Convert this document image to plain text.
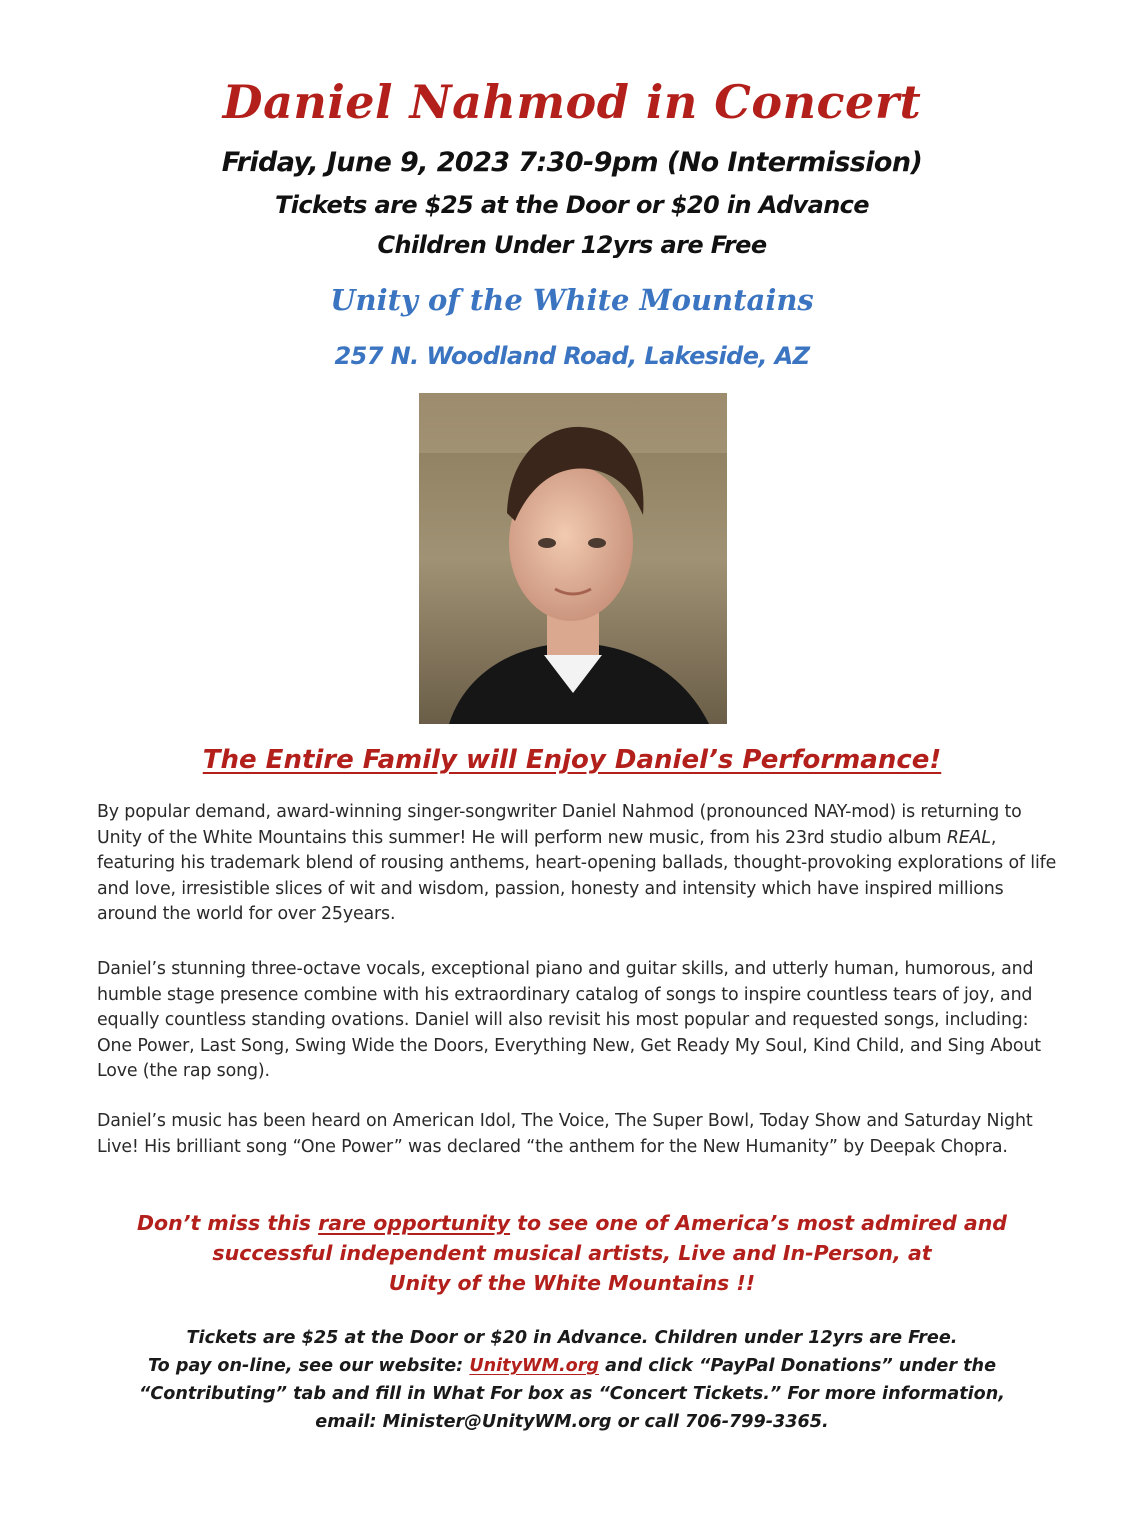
Daniel Nahmod in Concert
Friday, June 9, 2023 7:30-9pm (No Intermission)
Tickets are $25 at the Door or $20 in Advance
Children Under 12yrs are Free
Unity of the White Mountains
257 N. Woodland Road, Lakeside, AZ
The Entire Family will Enjoy Daniel’s Performance!

By popular demand, award-winning singer-songwriter Daniel Nahmod (pronounced NAY-mod) is returning to Unity of the White Mountains this summer! He will perform new music, from his 23rd studio album REAL, featuring his trademark blend of rousing anthems, heart-opening ballads, thought-provoking explorations of life and love, irresistible slices of wit and wisdom, passion, honesty and intensity which have inspired millions around the world for over 25years.

Daniel’s stunning three-octave vocals, exceptional piano and guitar skills, and utterly human, humorous, and humble stage presence combine with his extraordinary catalog of songs to inspire countless tears of joy, and equally countless standing ovations. Daniel will also revisit his most popular and requested songs, including: One Power, Last Song, Swing Wide the Doors, Everything New, Get Ready My Soul, Kind Child, and Sing About Love (the rap song).

Daniel’s music has been heard on American Idol, The Voice, The Super Bowl, Today Show and Saturday Night Live! His brilliant song “One Power” was declared “the anthem for the New Humanity” by Deepak Chopra.

Don’t miss this rare opportunity to see one of America’s most admired and
successful independent musical artists, Live and In-Person, at
Unity of the White Mountains !!
Tickets are $25 at the Door or $20 in Advance. Children under 12yrs are Free.
To pay on-line, see our website: UnityWM.org and click “PayPal Donations” under the
“Contributing” tab and fill in What For box as “Concert Tickets.” For more information,
email: Minister@UnityWM.org or call 706-799-3365.
